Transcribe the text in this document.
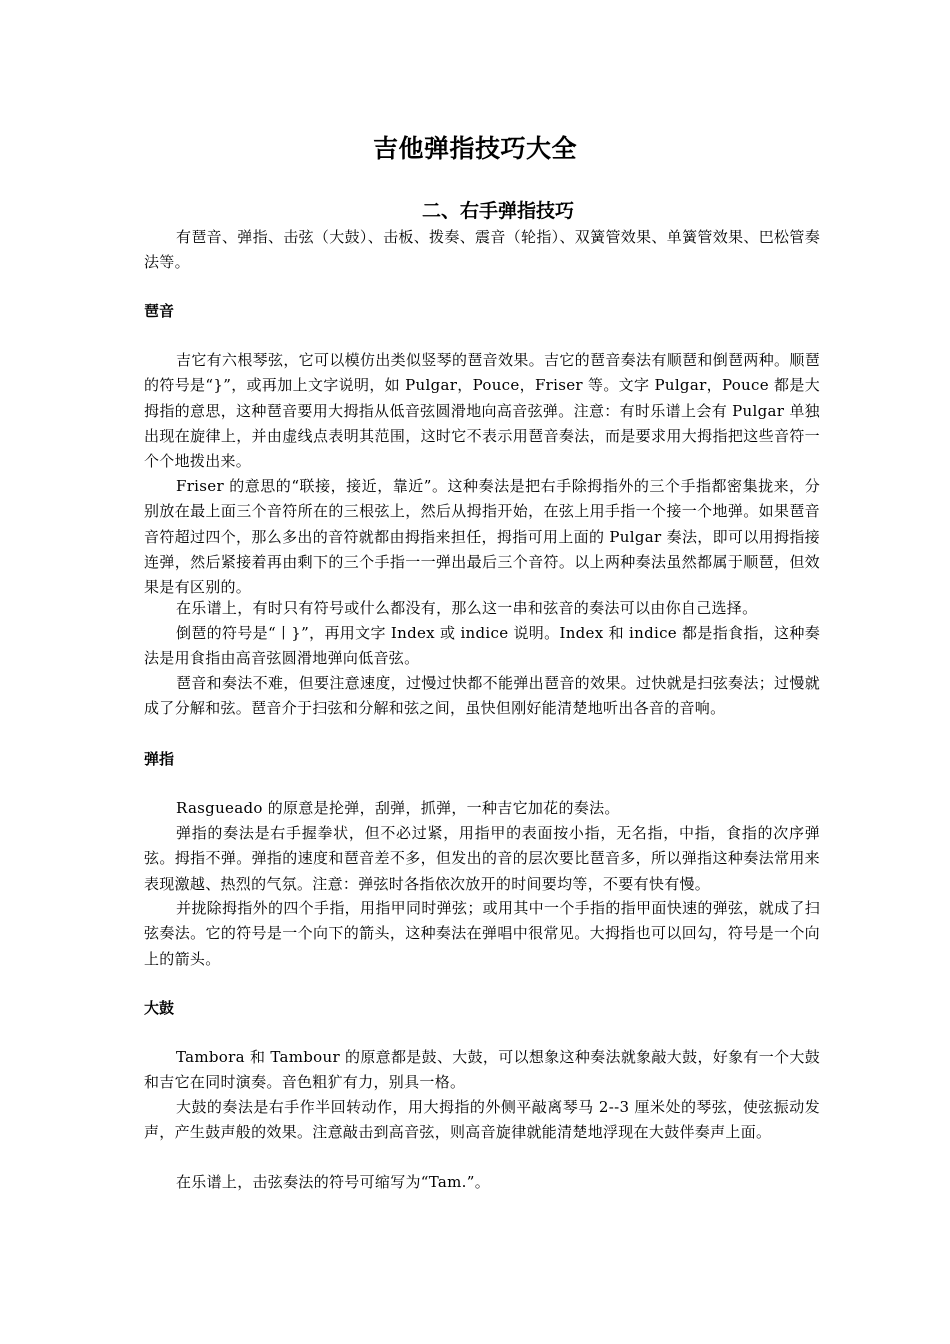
吉他弹指技巧大全
二、右手弹指技巧

有琶音、弹指、击弦（大鼓）、击板、拨奏、震音（轮指）、双簧管效果、单簧管效果、巴松管奏法等。

琶音

吉它有六根琴弦，它可以模仿出类似竖琴的琶音效果。吉它的琶音奏法有顺琶和倒琶两种。顺琶的符号是“}”，或再加上文字说明，如 Pulgar，Pouce，Friser 等。文字 Pulgar，Pouce 都是大拇指的意思，这种琶音要用大拇指从低音弦圆滑地向高音弦弹。注意：有时乐谱上会有 Pulgar 单独出现在旋律上，并由虚线点表明其范围，这时它不表示用琶音奏法，而是要求用大拇指把这些音符一个个地拨出来。

Friser 的意思的“联接，接近，靠近”。这种奏法是把右手除拇指外的三个手指都密集拢来，分别放在最上面三个音符所在的三根弦上，然后从拇指开始，在弦上用手指一个接一个地弹。如果琶音音符超过四个，那么多出的音符就都由拇指来担任，拇指可用上面的 Pulgar 奏法，即可以用拇指接连弹，然后紧接着再由剩下的三个手指一一弹出最后三个音符。以上两种奏法虽然都属于顺琶，但效果是有区别的。

在乐谱上，有时只有符号或什么都没有，那么这一串和弦音的奏法可以由你自己选择。

倒琶的符号是“丨}”，再用文字 Index 或 indice 说明。Index 和 indice 都是指食指，这种奏法是用食指由高音弦圆滑地弹向低音弦。

琶音和奏法不难，但要注意速度，过慢过快都不能弹出琶音的效果。过快就是扫弦奏法；过慢就成了分解和弦。琶音介于扫弦和分解和弦之间，虽快但刚好能清楚地听出各音的音响。

弹指

Rasgueado 的原意是抡弹，刮弹，抓弹，一种吉它加花的奏法。

弹指的奏法是右手握拳状，但不必过紧，用指甲的表面按小指，无名指，中指，食指的次序弹弦。拇指不弹。弹指的速度和琶音差不多，但发出的音的层次要比琶音多，所以弹指这种奏法常用来表现激越、热烈的气氛。注意：弹弦时各指依次放开的时间要均等，不要有快有慢。

并拢除拇指外的四个手指，用指甲同时弹弦；或用其中一个手指的指甲面快速的弹弦，就成了扫弦奏法。它的符号是一个向下的箭头，这种奏法在弹唱中很常见。大拇指也可以回勾，符号是一个向上的箭头。

大鼓

Tambora 和 Tambour 的原意都是鼓、大鼓，可以想象这种奏法就象敲大鼓，好象有一个大鼓和吉它在同时演奏。音色粗犷有力，别具一格。

大鼓的奏法是右手作半回转动作，用大拇指的外侧平敲离琴马 2--3 厘米处的琴弦，使弦振动发声，产生鼓声般的效果。注意敲击到高音弦，则高音旋律就能清楚地浮现在大鼓伴奏声上面。

在乐谱上，击弦奏法的符号可缩写为“Tam.”。
